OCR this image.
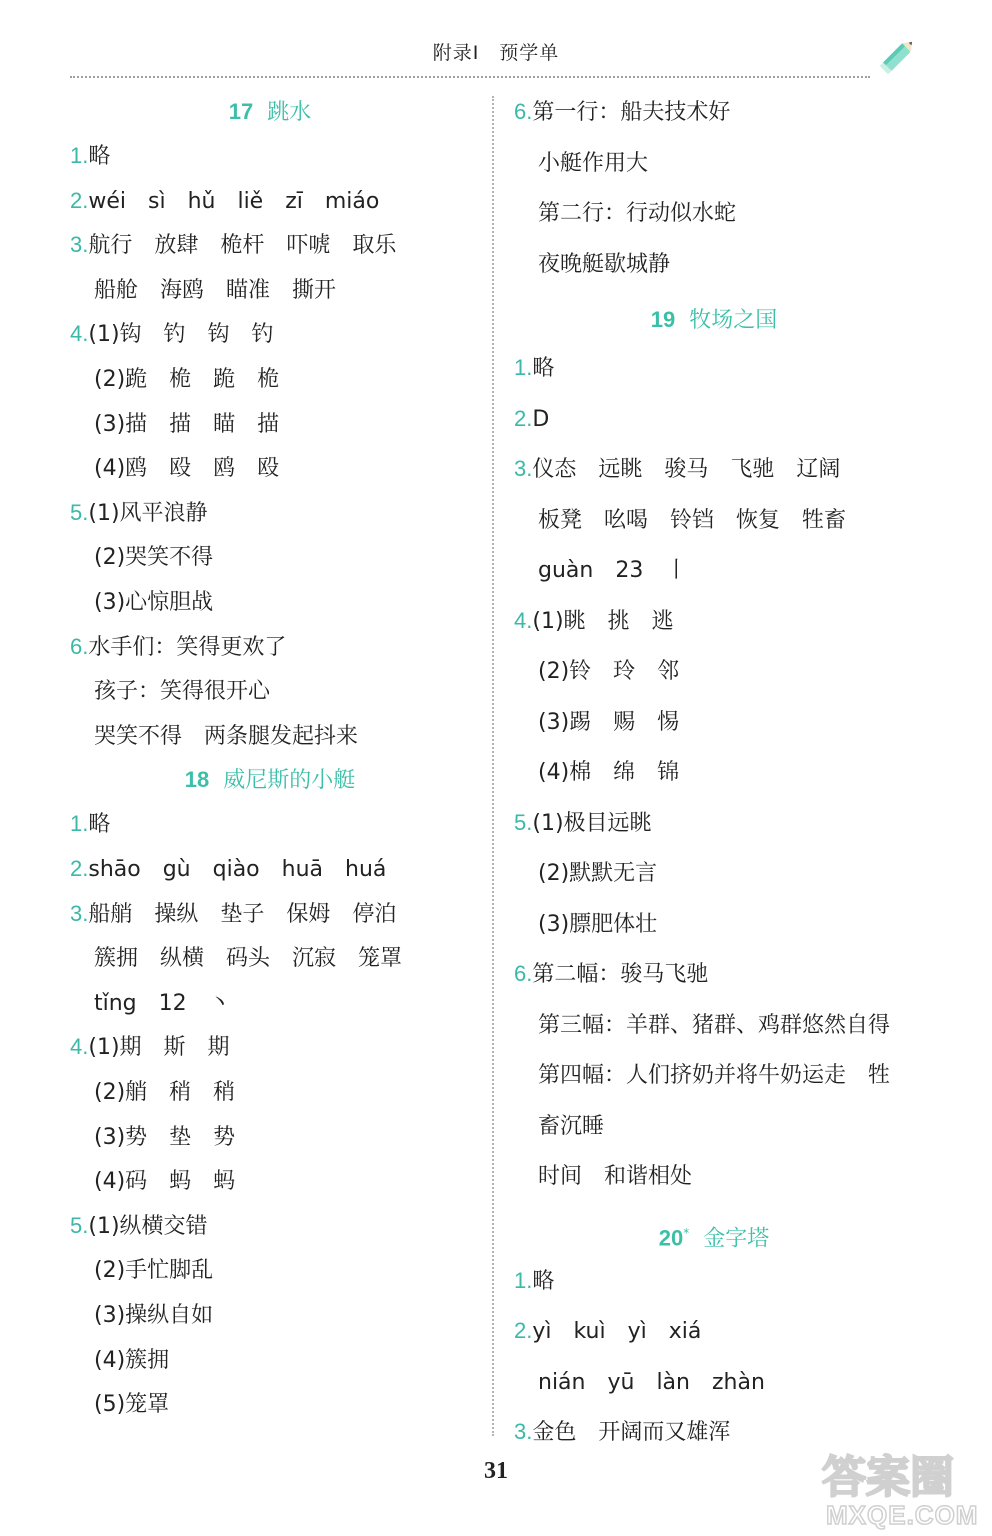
附录Ⅰ　预学单
17 跳水
1.略
2.wéi　sì　hǔ　liě　zī　miáo
3.航行　放肆　桅杆　吓唬　取乐
船舱　海鸥　瞄准　撕开
4.(1)钩　钓　钩　钓
(2)跪　桅　跪　桅
(3)描　描　瞄　描
(4)鸥　殴　鸥　殴
5.(1)风平浪静
(2)哭笑不得
(3)心惊胆战
6.水手们：笑得更欢了
孩子：笑得很开心
哭笑不得　两条腿发起抖来
18 威尼斯的小艇
1.略
2.shāo　gù　qiào　huā　huá
3.船艄　操纵　垫子　保姆　停泊
簇拥　纵横　码头　沉寂　笼罩
tǐng　12　丶
4.(1)期　斯　期
(2)艄　稍　稍
(3)势　垫　势
(4)码　蚂　蚂
5.(1)纵横交错
(2)手忙脚乱
(3)操纵自如
(4)簇拥
(5)笼罩
6.第一行：船夫技术好
小艇作用大
第二行：行动似水蛇
夜晚艇歇城静
19 牧场之国
1.略
2.D
3.仪态　远眺　骏马　飞驰　辽阔
板凳　吆喝　铃铛　恢复　牲畜
guàn　23　丨
4.(1)眺　挑　逃
(2)铃　玲　邻
(3)踢　赐　惕
(4)棉　绵　锦
5.(1)极目远眺
(2)默默无言
(3)膘肥体壮
6.第二幅：骏马飞驰
第三幅：羊群、猪群、鸡群悠然自得
第四幅：人们挤奶并将牛奶运走　牲
畜沉睡
时间　和谐相处
20* 金字塔
1.略
2.yì　kuì　yì　xiá
nián　yū　làn　zhàn
3.金色　开阔而又雄浑
31	答案圈
MXQE.COM
